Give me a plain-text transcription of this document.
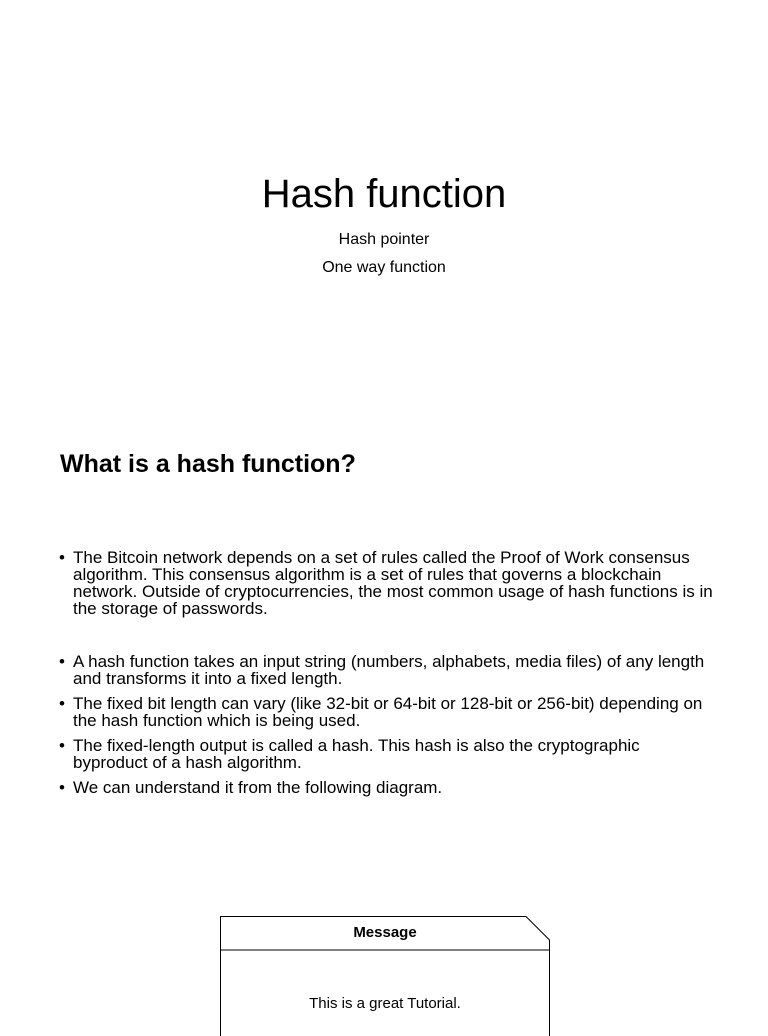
Hash function
Hash pointer
One way function
What is a hash function?
• The Bitcoin network depends on a set of rules called the Proof of Work consensus algorithm. This consensus algorithm is a set of rules that governs a blockchain network. Outside of cryptocurrencies, the most common usage of hash functions is in the storage of passwords.
• A hash function takes an input string (numbers, alphabets, media files) of any length and transforms it into a fixed length.
• The fixed bit length can vary (like 32-bit or 64-bit or 128-bit or 256-bit) depending on the hash function which is being used.
• The fixed-length output is called a hash. This hash is also the cryptographic byproduct of a hash algorithm.
• We can understand it from the following diagram.
Message
This is a great Tutorial.
